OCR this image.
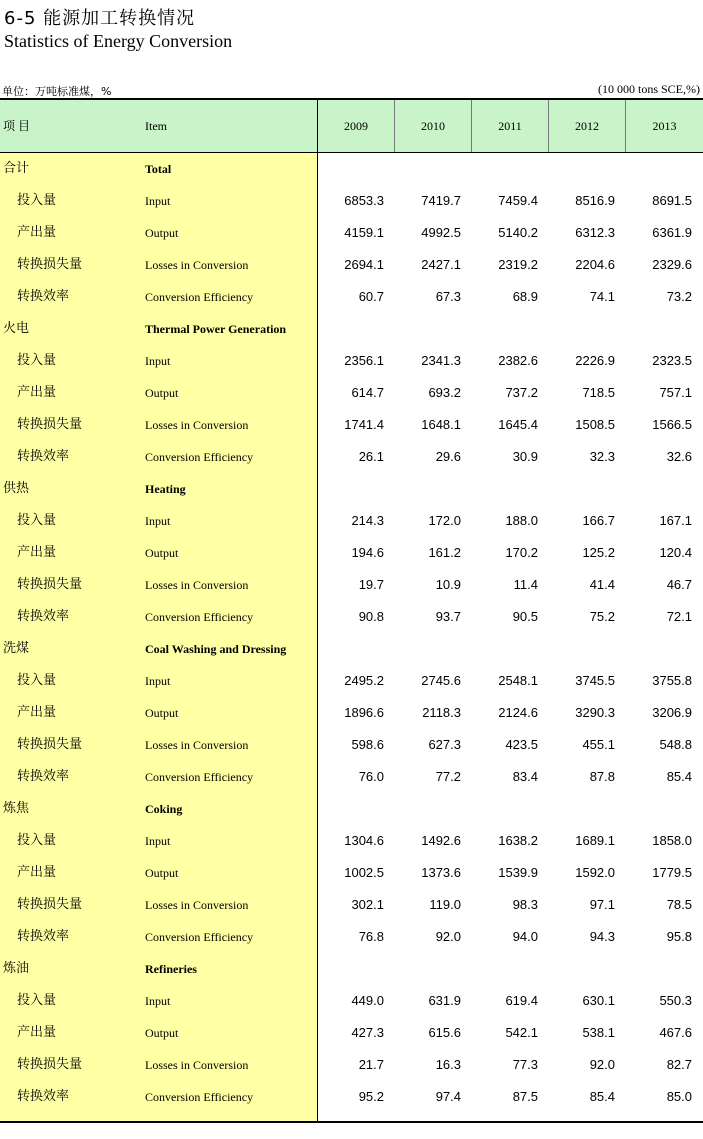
6-5 能源加工转换情况
Statistics of Energy Conversion
单位：万吨标准煤，%	(10 000 tons SCE,%)
项 目	Item	2009	2010	2011	2012	2013
合计	Total
投入量	Input	6853.3	7419.7	7459.4	8516.9	8691.5
产出量	Output	4159.1	4992.5	5140.2	6312.3	6361.9
转换损失量	Losses in Conversion	2694.1	2427.1	2319.2	2204.6	2329.6
转换效率	Conversion Efficiency	60.7	67.3	68.9	74.1	73.2
火电	Thermal Power Generation
投入量	Input	2356.1	2341.3	2382.6	2226.9	2323.5
产出量	Output	614.7	693.2	737.2	718.5	757.1
转换损失量	Losses in Conversion	1741.4	1648.1	1645.4	1508.5	1566.5
转换效率	Conversion Efficiency	26.1	29.6	30.9	32.3	32.6
供热	Heating
投入量	Input	214.3	172.0	188.0	166.7	167.1
产出量	Output	194.6	161.2	170.2	125.2	120.4
转换损失量	Losses in Conversion	19.7	10.9	11.4	41.4	46.7
转换效率	Conversion Efficiency	90.8	93.7	90.5	75.2	72.1
洗煤	Coal Washing and Dressing
投入量	Input	2495.2	2745.6	2548.1	3745.5	3755.8
产出量	Output	1896.6	2118.3	2124.6	3290.3	3206.9
转换损失量	Losses in Conversion	598.6	627.3	423.5	455.1	548.8
转换效率	Conversion Efficiency	76.0	77.2	83.4	87.8	85.4
炼焦	Coking
投入量	Input	1304.6	1492.6	1638.2	1689.1	1858.0
产出量	Output	1002.5	1373.6	1539.9	1592.0	1779.5
转换损失量	Losses in Conversion	302.1	119.0	98.3	97.1	78.5
转换效率	Conversion Efficiency	76.8	92.0	94.0	94.3	95.8
炼油	Refineries
投入量	Input	449.0	631.9	619.4	630.1	550.3
产出量	Output	427.3	615.6	542.1	538.1	467.6
转换损失量	Losses in Conversion	21.7	16.3	77.3	92.0	82.7
转换效率	Conversion Efficiency	95.2	97.4	87.5	85.4	85.0
